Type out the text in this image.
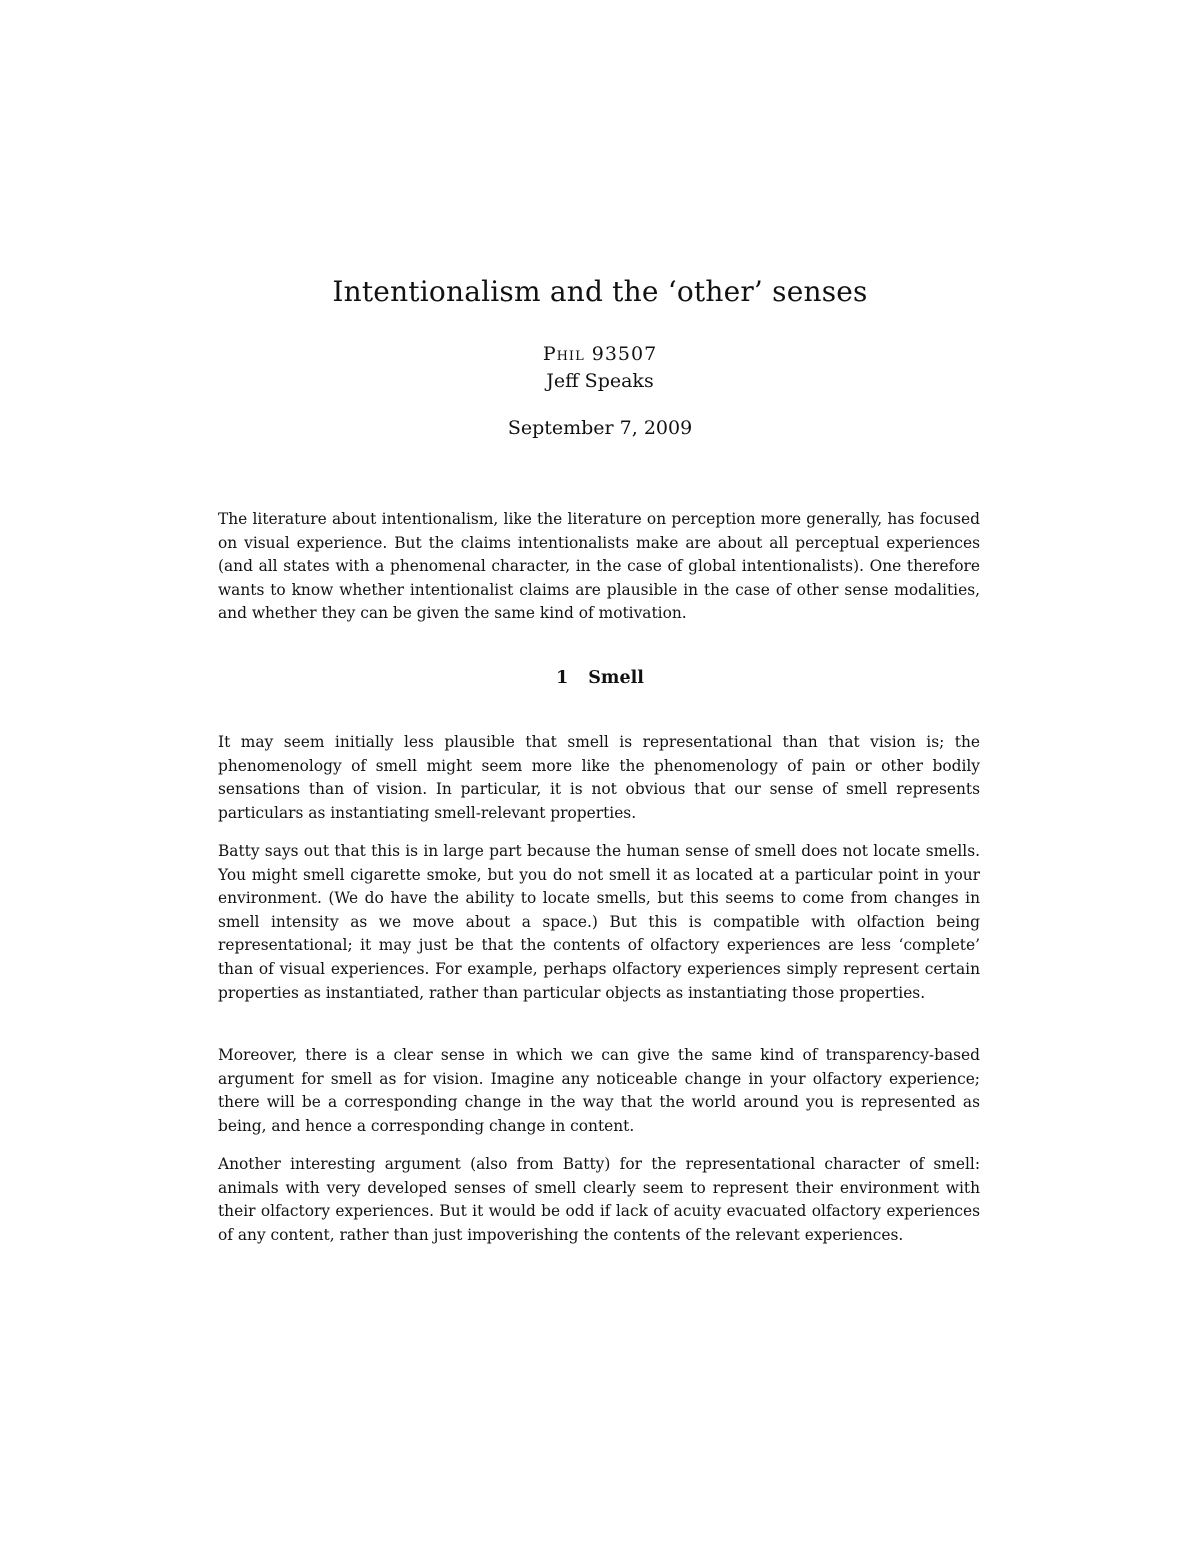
Intentionalism and the ‘other’ senses

Phil 93507

Jeff Speaks

September 7, 2009

The literature about intentionalism, like the literature on perception more generally, has focused on visual experience. But the claims intentionalists make are about all perceptual experiences (and all states with a phenomenal character, in the case of global intentionalists). One therefore wants to know whether intentionalist claims are plausible in the case of other sense modalities, and whether they can be given the same kind of motivation.

1 Smell

It may seem initially less plausible that smell is representational than that vision is; the phenomenology of smell might seem more like the phenomenology of pain or other bodily sensations than of vision. In particular, it is not obvious that our sense of smell represents particulars as instantiating smell-relevant properties.

Batty says out that this is in large part because the human sense of smell does not locate smells. You might smell cigarette smoke, but you do not smell it as located at a particular point in your environment. (We do have the ability to locate smells, but this seems to come from changes in smell intensity as we move about a space.) But this is compatible with olfaction being representational; it may just be that the contents of olfactory experiences are less ‘complete’ than of visual experiences. For example, perhaps olfactory experiences simply represent certain properties as instantiated, rather than particular objects as instantiating those properties.

Moreover, there is a clear sense in which we can give the same kind of transparency-based argument for smell as for vision. Imagine any noticeable change in your olfactory experience; there will be a corresponding change in the way that the world around you is represented as being, and hence a corresponding change in content.

Another interesting argument (also from Batty) for the representational character of smell: animals with very developed senses of smell clearly seem to represent their environment with their olfactory experiences. But it would be odd if lack of acuity evacuated olfactory experiences of any content, rather than just impoverishing the contents of the relevant experiences.
